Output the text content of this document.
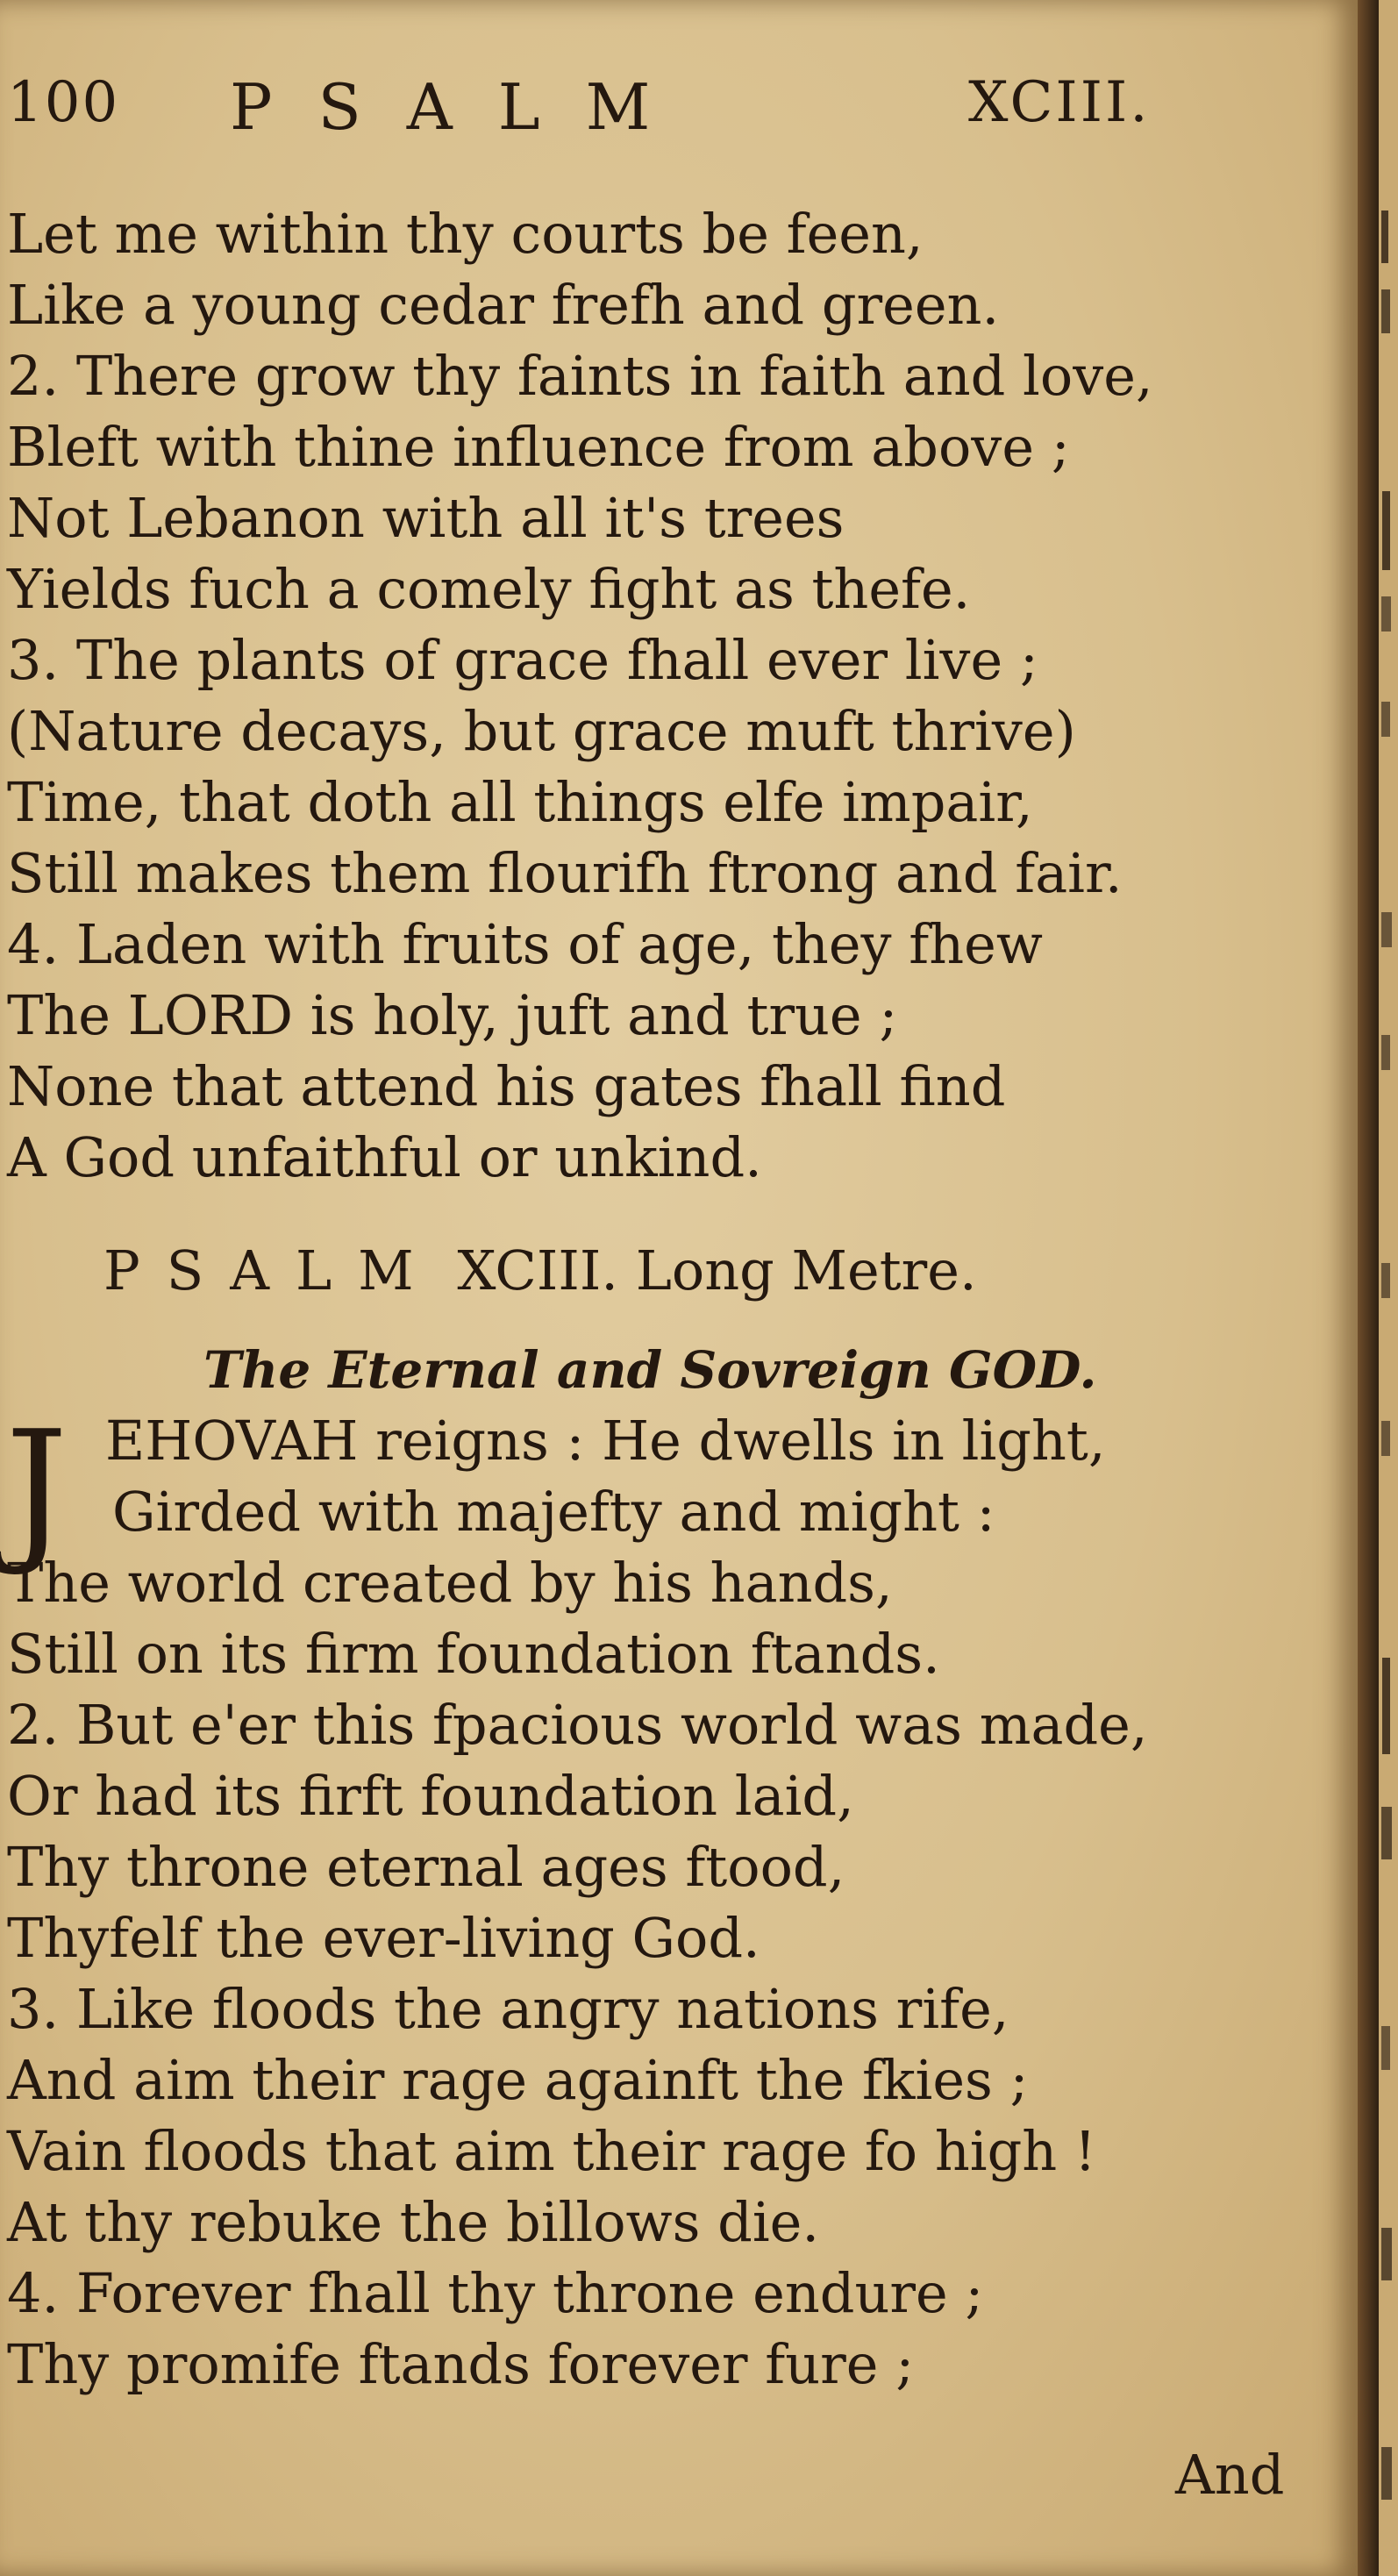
100 PSALM	XCIII.
Let me within thy courts be feen,
Like a young cedar frefh and green.
2. There grow thy faints in faith and love,
Bleft with thine influence from above ;
Not Lebanon with all it's trees
Yields fuch a comely fight as thefe.
3. The plants of grace fhall ever live ;
(Nature decays, but grace muft thrive)
Time, that doth all things elfe impair,
Still makes them flourifh ftrong and fair.
4. Laden with fruits of age, they fhew
The LORD is holy, juft and true ;
None that attend his gates fhall find
A God unfaithful or unkind.
PSALM XCIII. Long Metre.
The Eternal and Sovreign GOD.
J EHOVAH reigns : He dwells in light,
Girded with majefty and might :
The world created by his hands,
Still on its firm foundation ftands.
2. But e'er this fpacious world was made,
Or had its firft foundation laid,
Thy throne eternal ages ftood,
Thyfelf the ever-living God.
3. Like floods the angry nations rife,
And aim their rage againft the fkies ;
Vain floods that aim their rage fo high !
At thy rebuke the billows die.
4. Forever fhall thy throne endure ;
Thy promife ftands forever fure ;
And
